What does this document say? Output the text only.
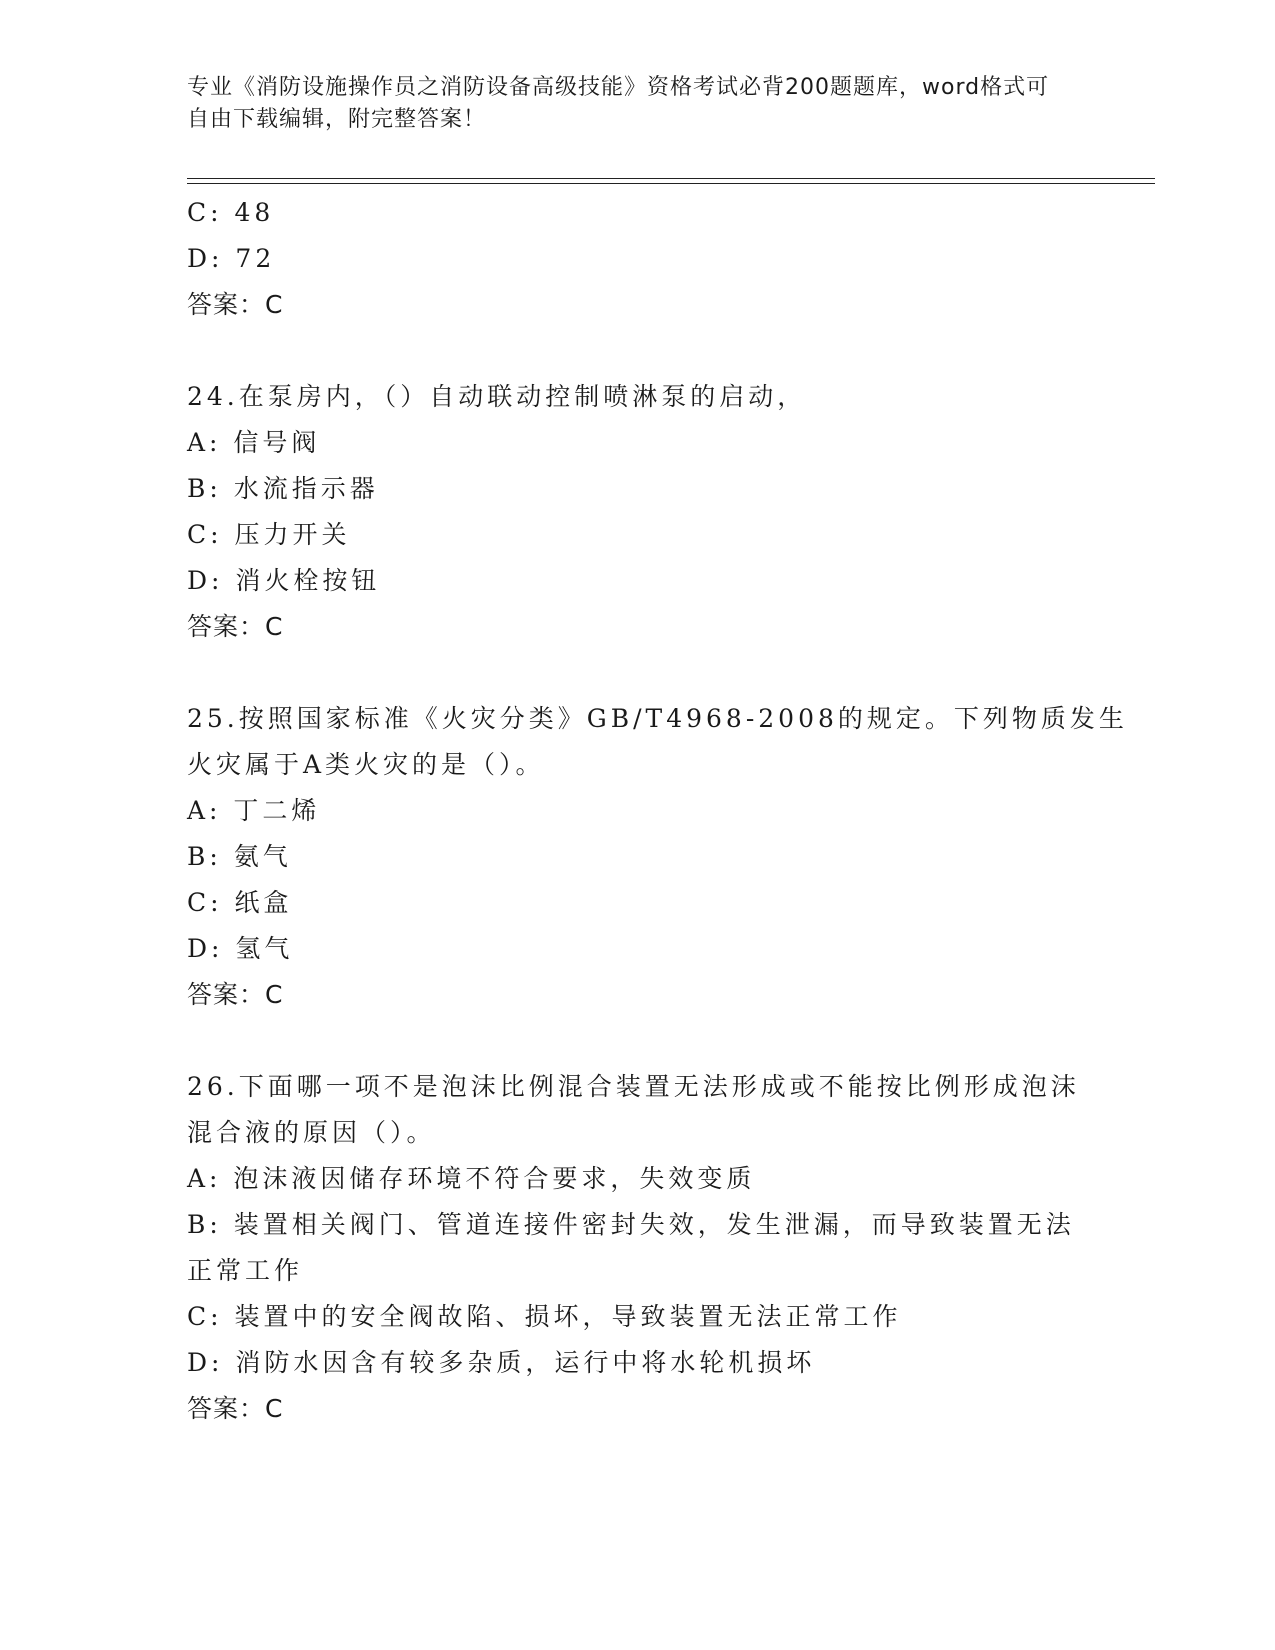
专业《消防设施操作员之消防设备高级技能》资格考试必背200题题库，word格式可自由下载编辑，附完整答案！
C: 48
D: 72
答案：C
24.在泵房内，（）自动联动控制喷淋泵的启动，
A: 信号阀
B: 水流指示器
C: 压力开关
D: 消火栓按钮
答案：C
25.按照国家标准《火灾分类》GB/T4968-2008的规定。下列物质发生
火灾属于A类火灾的是（）。
A: 丁二烯
B: 氨气
C: 纸盒
D: 氢气
答案：C
26.下面哪一项不是泡沫比例混合装置无法形成或不能按比例形成泡沫
混合液的原因（）。
A: 泡沫液因储存环境不符合要求，失效变质
B: 装置相关阀门、管道连接件密封失效，发生泄漏，而导致装置无法
正常工作
C: 装置中的安全阀故陷、损坏，导致装置无法正常工作
D: 消防水因含有较多杂质，运行中将水轮机损坏
答案：C
